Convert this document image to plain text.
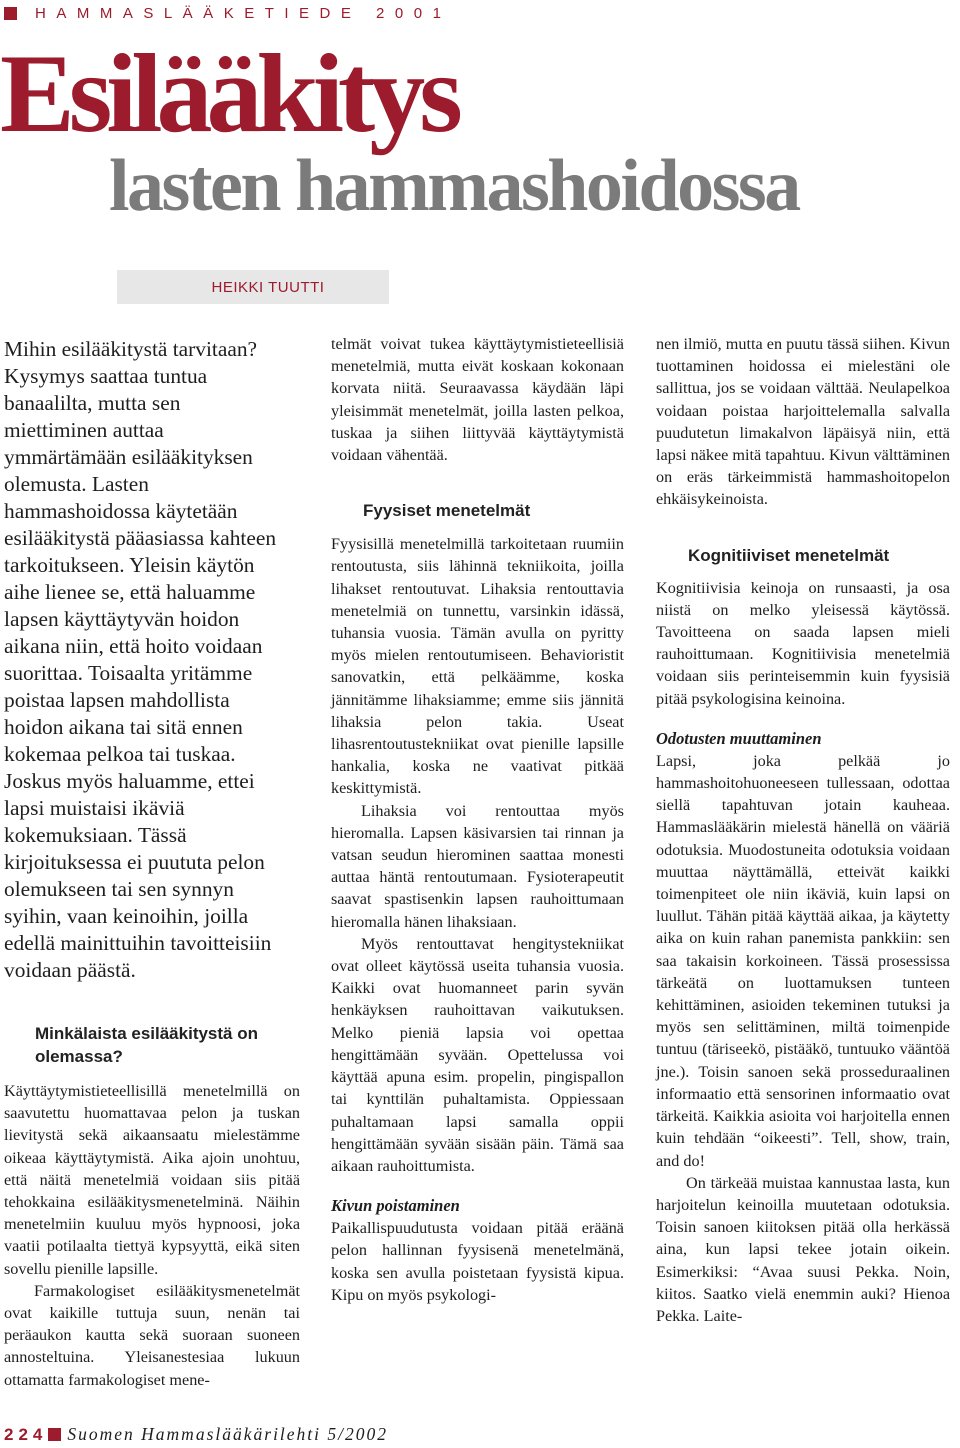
HAMMASLÄÄKETIEDE 2001
Esilääkitys
lasten hammashoidossa
HEIKKI TUUTTI

Mihin esilääkitystä tarvitaan?

Kysymys saattaa tuntua

banaalilta, mutta sen

miettiminen auttaa

ymmärtämään esilääkityksen

olemusta. Lasten

hammashoidossa käytetään

esilääkitystä pääasiassa kahteen

tarkoitukseen. Yleisin käytön

aihe lienee se, että haluamme

lapsen käyttäytyvän hoidon

aikana niin, että hoito voidaan

suorittaa. Toisaalta yritämme

poistaa lapsen mahdollista

hoidon aikana tai sitä ennen

kokemaa pelkoa tai tuskaa.

Joskus myös haluamme, ettei

lapsi muistaisi ikäviä

kokemuksiaan. Tässä

kirjoituksessa ei puututa pelon

olemukseen tai sen synnyn

syihin, vaan keinoihin, joilla

edellä mainittuihin tavoitteisiin

voidaan päästä.

Minkälaista esilääkitystä on olemassa?

Käyttäytymistieteellisillä menetelmillä on saavutettu huomattavaa pelon ja tuskan lievitystä sekä aikaansaatu mielestämme oikeaa käyttäytymistä. Aika ajoin unohtuu, että näitä menetelmiä voidaan siis pitää tehokkaina esilääkitysmenetelminä. Näihin menetelmiin kuuluu myös hypnoosi, joka vaatii potilaalta tiettyä kypsyyttä, eikä siten sovellu pienille lapsille.

Farmakologiset esilääkitysmenetelmät ovat kaikille tuttuja suun, nenän tai peräaukon kautta sekä suoraan suoneen annosteltuina. Yleisanestesiaa lukuun ottamatta farmakologiset mene-

telmät voivat tukea käyttäytymistieteellisiä menetelmiä, mutta eivät koskaan kokonaan korvata niitä. Seuraavassa käydään läpi yleisimmät menetelmät, joilla lasten pelkoa, tuskaa ja siihen liittyvää käyttäytymistä voidaan vähentää.

Fyysiset menetelmät

Fyysisillä menetelmillä tarkoitetaan ruumiin rentoutusta, siis lähinnä tekniikoita, joilla lihakset rentoutuvat. Lihaksia rentouttavia menetelmiä on tunnettu, varsinkin idässä, tuhansia vuosia. Tämän avulla on pyritty myös mielen rentoutumiseen. Behavioristit sanovatkin, että pelkäämme, koska jännitämme lihaksiamme; emme siis jännitä lihaksia pelon takia. Useat lihasrentoutustekniikat ovat pienille lapsille hankalia, koska ne vaativat pitkää keskittymistä.

Lihaksia voi rentouttaa myös hieromalla. Lapsen käsivarsien tai rinnan ja vatsan seudun hierominen saattaa monesti auttaa häntä rentoutumaan. Fysioterapeutit saavat spastisenkin lapsen rauhoittumaan hieromalla hänen lihaksiaan.

Myös rentouttavat hengitystekniikat ovat olleet käytössä useita tuhansia vuosia. Kaikki ovat huomanneet parin syvän henkäyksen rauhoittavan vaikutuksen. Melko pieniä lapsia voi opettaa hengittämään syvään. Opettelussa voi käyttää apuna esim. propelin, pingispallon tai kynttilän puhaltamista. Oppiessaan puhaltamaan lapsi samalla oppii hengittämään syvään sisään päin. Tämä saa aikaan rauhoittumista.

Kivun poistaminen

Paikallispuudutusta voidaan pitää eräänä pelon hallinnan fyysisenä menetelmänä, koska sen avulla poistetaan fyysistä kipua. Kipu on myös psykologi-

nen ilmiö, mutta en puutu tässä siihen. Kivun tuottaminen hoidossa ei mielestäni ole sallittua, jos se voidaan välttää. Neulapelkoa voidaan poistaa harjoittelemalla salvalla puudutetun limakalvon läpäisyä niin, että lapsi näkee mitä tapahtuu. Kivun välttäminen on eräs tärkeimmistä hammashoitopelon ehkäisykeinoista.

Kognitiiviset menetelmät

Kognitiivisia keinoja on runsaasti, ja osa niistä on melko yleisessä käytössä. Tavoitteena on saada lapsen mieli rauhoittumaan. Kognitiivisia menetelmiä voidaan siis perinteisemmin kuin fyysisiä pitää psykologisina keinoina.

Odotusten muuttaminen

Lapsi, joka pelkää jo hammashoitohuoneeseen tullessaan, odottaa siellä tapahtuvan jotain kauheaa. Hammaslääkärin mielestä hänellä on vääriä odotuksia. Muodostuneita odotuksia voidaan muuttaa näyttämällä, etteivät kaikki toimenpiteet ole niin ikäviä, kuin lapsi on luullut. Tähän pitää käyttää aikaa, ja käytetty aika on kuin rahan panemista pankkiin: sen saa takaisin korkoineen. Tässä prosessissa tärkeätä on luottamuksen tunteen kehittäminen, asioiden tekeminen tutuksi ja myös sen selittäminen, miltä toimenpide tuntuu (täriseekö, pistääkö, tuntuuko vääntöä jne.). Toisin sanoen sekä prosseduraalinen informaatio että sensorinen informaatio ovat tärkeitä. Kaikkia asioita voi harjoitella ennen kuin tehdään “oikeesti”. Tell, show, train, and do!

On tärkeää muistaa kannustaa lasta, kun harjoitelun keinoilla muutetaan odotuksia. Toisin sanoen kiitoksen pitää olla herkässä aina, kun lapsi tekee jotain oikein. Esimerkiksi: “Avaa suusi Pekka. Noin, kiitos. Saatko vielä enemmin auki? Hienoa Pekka. Laite-

224 Suomen Hammaslääkärilehti 5/2002
